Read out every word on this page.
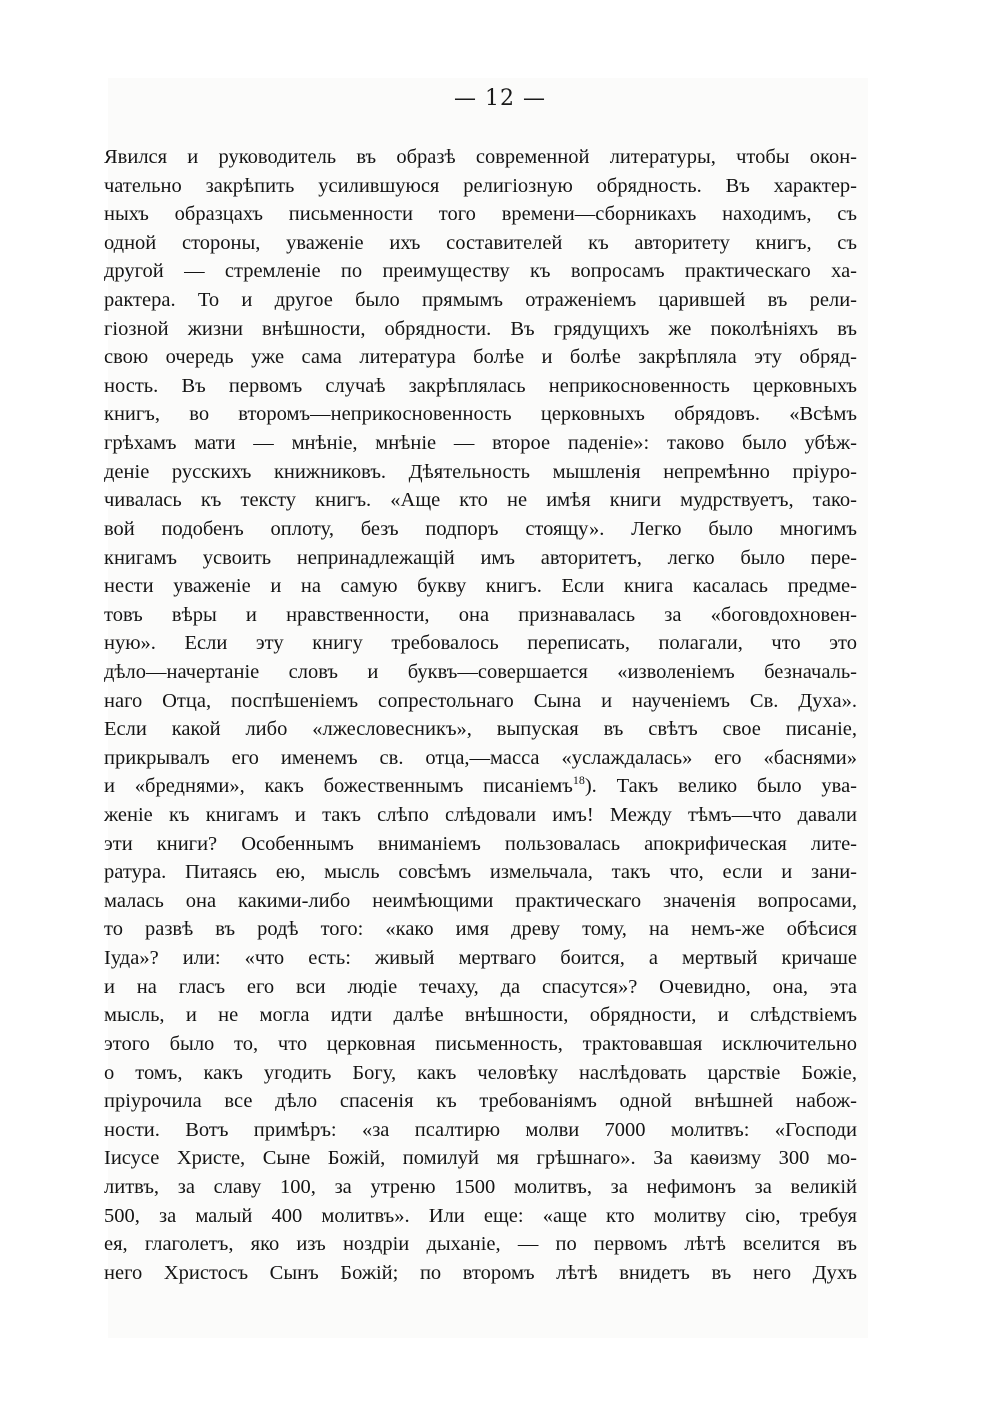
— 12 —
Явился и руководитель въ образѣ современной литературы, чтобы окон-
чательно закрѣпить усилившуюся религіозную обрядность. Въ характер-
ныхъ образцахъ письменности того времени—сборникахъ находимъ, съ
одной стороны, уваженіе ихъ составителей къ авторитету книгъ, съ
другой — стремленіе по преимуществу къ вопросамъ практическаго ха-
рактера. То и другое было прямымъ отраженіемъ царившей въ рели-
гіозной жизни внѣшности, обрядности. Въ грядущихъ же поколѣніяхъ въ
свою очередь уже сама литература болѣе и болѣе закрѣпляла эту обряд-
ность. Въ первомъ случаѣ закрѣплялась неприкосновенность церковныхъ
книгъ, во второмъ—неприкосновенность церковныхъ обрядовъ. «Всѣмъ
грѣхамъ мати — мнѣніе, мнѣніе — второе паденіе»: таково было убѣж-
деніе русскихъ книжниковъ. Дѣятельность мышленія непремѣнно пріуро-
чивалась къ тексту книгъ. «Аще кто не имѣя книги мудрствуетъ, тако-
вой подобенъ оплоту, безъ подпоръ стоящу». Легко было многимъ
книгамъ усвоить непринадлежащій имъ авторитетъ, легко было пере-
нести уваженіе и на самую букву книгъ. Если книга касалась предме-
товъ вѣры и нравственности, она признавалась за «боговдохновен-
ную». Если эту книгу требовалось переписать, полагали, что это
дѣло—начертаніе словъ и буквъ—совершается «изволеніемъ безначаль-
наго Отца, поспѣшеніемъ сопрестольнаго Сына и наученіемъ Св. Духа».
Если какой либо «лжесловесникъ», выпуская въ свѣтъ свое писаніе,
прикрывалъ его именемъ св. отца,—масса «услаждалась» его «баснями»
и «бреднями», какъ божественнымъ писаніемъ$^{18}$). Такъ велико было ува-
женіе къ книгамъ и такъ слѣпо слѣдовали имъ! Между тѣмъ—что давали
эти книги? Особеннымъ вниманіемъ пользовалась апокрифическая лите-
ратура. Питаясь ею, мысль совсѣмъ измельчала, такъ что, если и зани-
малась она какими-либо неимѣющими практическаго значенія вопросами,
то развѣ въ родѣ того: «како имя древу тому, на немъ-же обѣсися
Іуда»? или: «что есть: живый мертваго боится, а мертвый кричаше
и на гласъ его вси людіе течаху, да спасутся»? Очевидно, она, эта
мысль, и не могла идти далѣе внѣшности, обрядности, и слѣдствіемъ
этого было то, что церковная письменность, трактовавшая исключительно
о томъ, какъ угодить Богу, какъ человѣку наслѣдовать царствіе Божіе,
пріурочила все дѣло спасенія къ требованіямъ одной внѣшней набож-
ности. Вотъ примѣръ: «за псалтирю молви 7000 молитвъ: «Господи
Іисусе Христе, Сыне Божій, помилуй мя грѣшнаго». За каѳизму 300 мо-
литвъ, за славу 100, за утреню 1500 молитвъ, за нефимонъ за великій
500, за малый 400 молитвъ». Или еще: «аще кто молитву сію, требуя
ея, глаголетъ, яко изъ ноздріи дыханіе, — по первомъ лѣтѣ вселится въ
него Христосъ Сынъ Божій; по второмъ лѣтѣ внидетъ въ него Духъ
